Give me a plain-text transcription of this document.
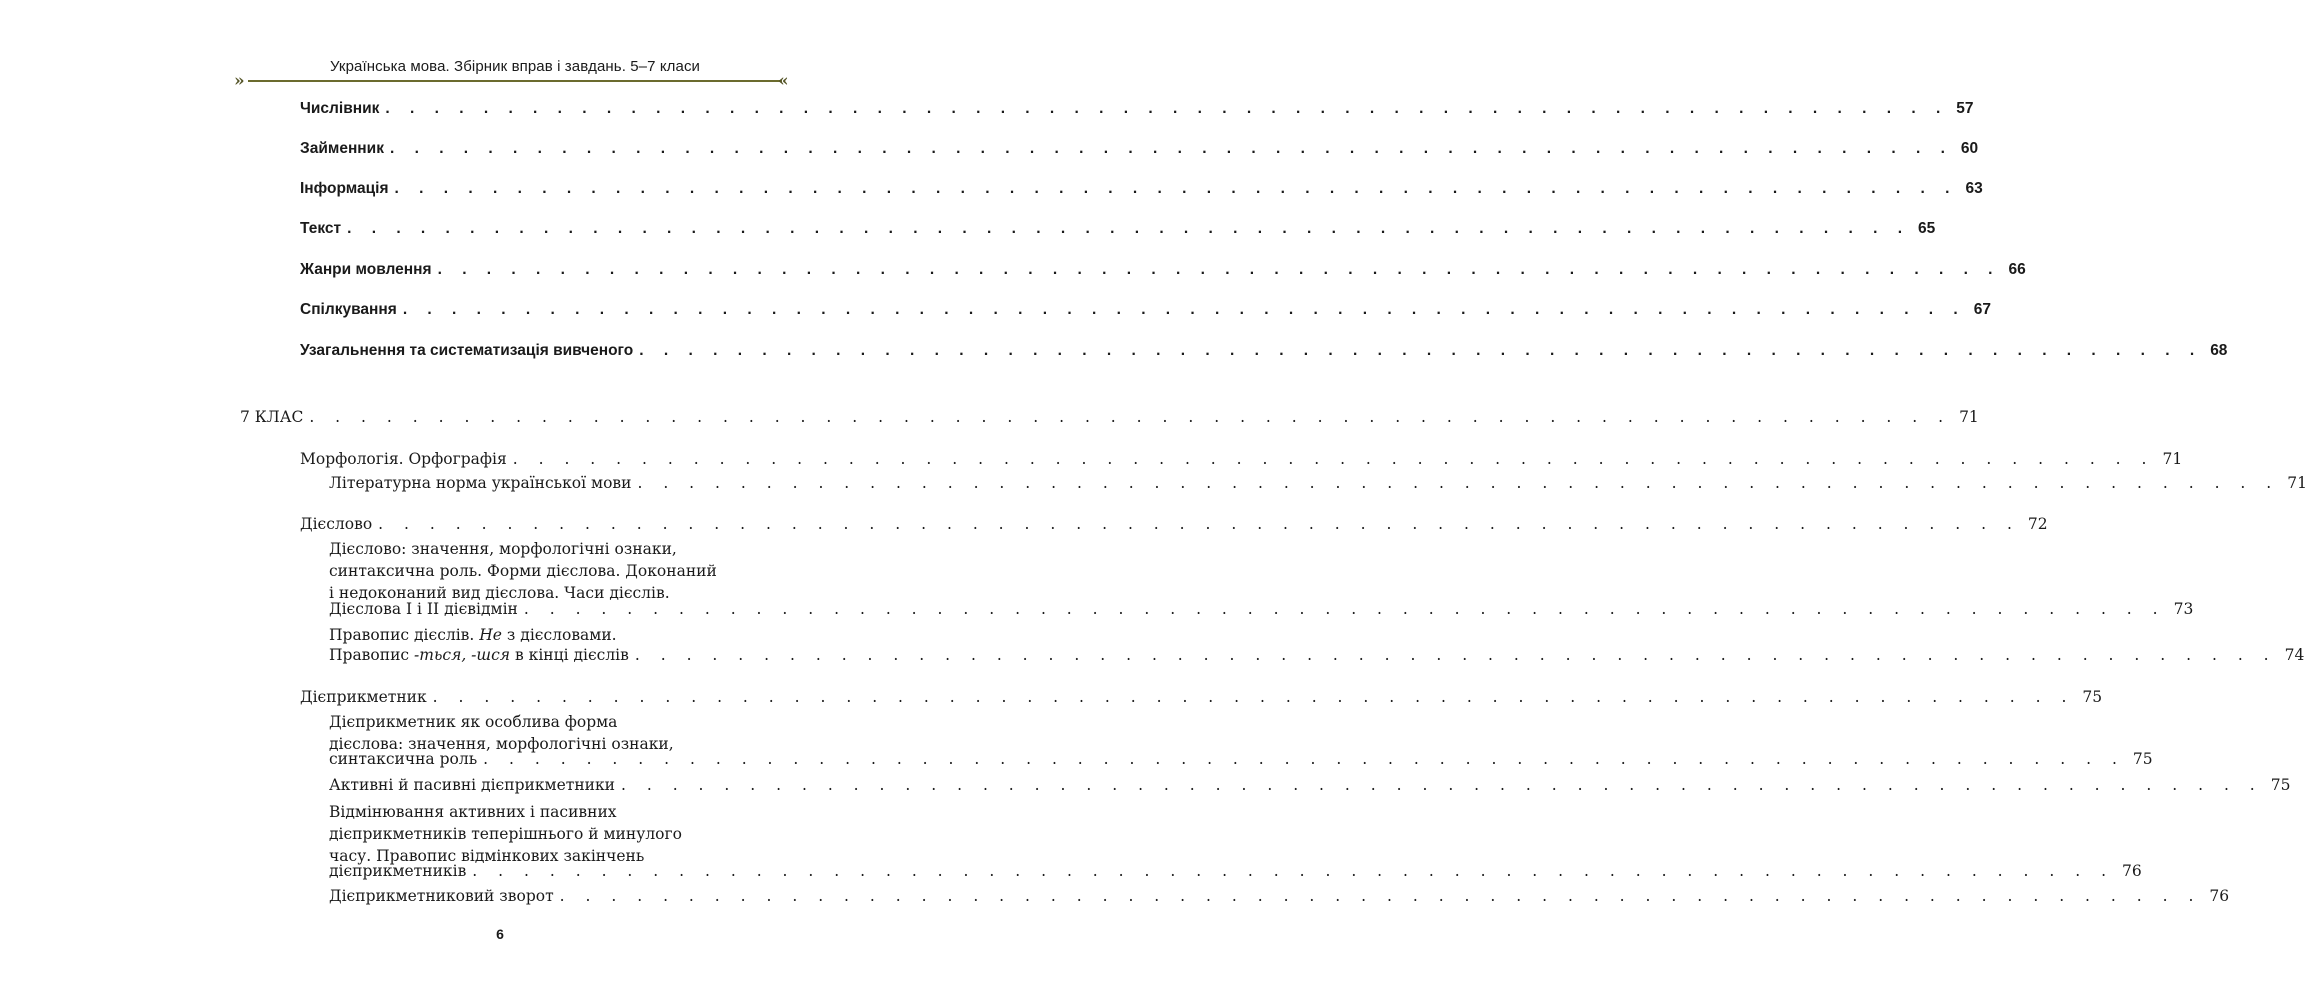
Українська мова. Збірник вправ і завдань. 5–7 класи
»	«
Числівник . . . . . . . . . . . . . . . . . . . . . . . . . . . . . . . . . . . . . . . . . . . . . . . . . . . . . . . . . . . . . . . . 57
Займенник . . . . . . . . . . . . . . . . . . . . . . . . . . . . . . . . . . . . . . . . . . . . . . . . . . . . . . . . . . . . . . . . 60
Інформація . . . . . . . . . . . . . . . . . . . . . . . . . . . . . . . . . . . . . . . . . . . . . . . . . . . . . . . . . . . . . . . . 63
Текст . . . . . . . . . . . . . . . . . . . . . . . . . . . . . . . . . . . . . . . . . . . . . . . . . . . . . . . . . . . . . . . . 65
Жанри мовлення . . . . . . . . . . . . . . . . . . . . . . . . . . . . . . . . . . . . . . . . . . . . . . . . . . . . . . . . . . . . . . . . 66
Спілкування . . . . . . . . . . . . . . . . . . . . . . . . . . . . . . . . . . . . . . . . . . . . . . . . . . . . . . . . . . . . . . . . 67
Узагальнення та систематизація вивченого . . . . . . . . . . . . . . . . . . . . . . . . . . . . . . . . . . . . . . . . . . . . . . . . . . . . . . . . . . . . . . . . 68
7 КЛАС . . . . . . . . . . . . . . . . . . . . . . . . . . . . . . . . . . . . . . . . . . . . . . . . . . . . . . . . . . . . . . . . 71
Морфологія. Орфографія . . . . . . . . . . . . . . . . . . . . . . . . . . . . . . . . . . . . . . . . . . . . . . . . . . . . . . . . . . . . . . . . 71
Літературна норма української мови . . . . . . . . . . . . . . . . . . . . . . . . . . . . . . . . . . . . . . . . . . . . . . . . . . . . . . . . . . . . . . . . 71
Дієслово . . . . . . . . . . . . . . . . . . . . . . . . . . . . . . . . . . . . . . . . . . . . . . . . . . . . . . . . . . . . . . . . 72
Дієслово: значення, морфологічні ознаки,
синтаксична роль. Форми дієслова. Доконаний
і недоконаний вид дієслова. Часи дієслів.
Дієслова I і II дієвідмін . . . . . . . . . . . . . . . . . . . . . . . . . . . . . . . . . . . . . . . . . . . . . . . . . . . . . . . . . . . . . . . . 73
Правопис дієслів. Не з дієсловами.
Правопис -ться, -шся в кінці дієслів . . . . . . . . . . . . . . . . . . . . . . . . . . . . . . . . . . . . . . . . . . . . . . . . . . . . . . . . . . . . . . . . 74
Дієприкметник . . . . . . . . . . . . . . . . . . . . . . . . . . . . . . . . . . . . . . . . . . . . . . . . . . . . . . . . . . . . . . . . 75
Дієприкметник як особлива форма
дієслова: значення, морфологічні ознаки,
синтаксична роль . . . . . . . . . . . . . . . . . . . . . . . . . . . . . . . . . . . . . . . . . . . . . . . . . . . . . . . . . . . . . . . . 75
Активні й пасивні дієприкметники . . . . . . . . . . . . . . . . . . . . . . . . . . . . . . . . . . . . . . . . . . . . . . . . . . . . . . . . . . . . . . . . 75
Відмінювання активних і пасивних
дієприкметників теперішнього й минулого
часу. Правопис відмінкових закінчень
дієприкметників . . . . . . . . . . . . . . . . . . . . . . . . . . . . . . . . . . . . . . . . . . . . . . . . . . . . . . . . . . . . . . . . 76
Дієприкметниковий зворот . . . . . . . . . . . . . . . . . . . . . . . . . . . . . . . . . . . . . . . . . . . . . . . . . . . . . . . . . . . . . . . . 76
6
